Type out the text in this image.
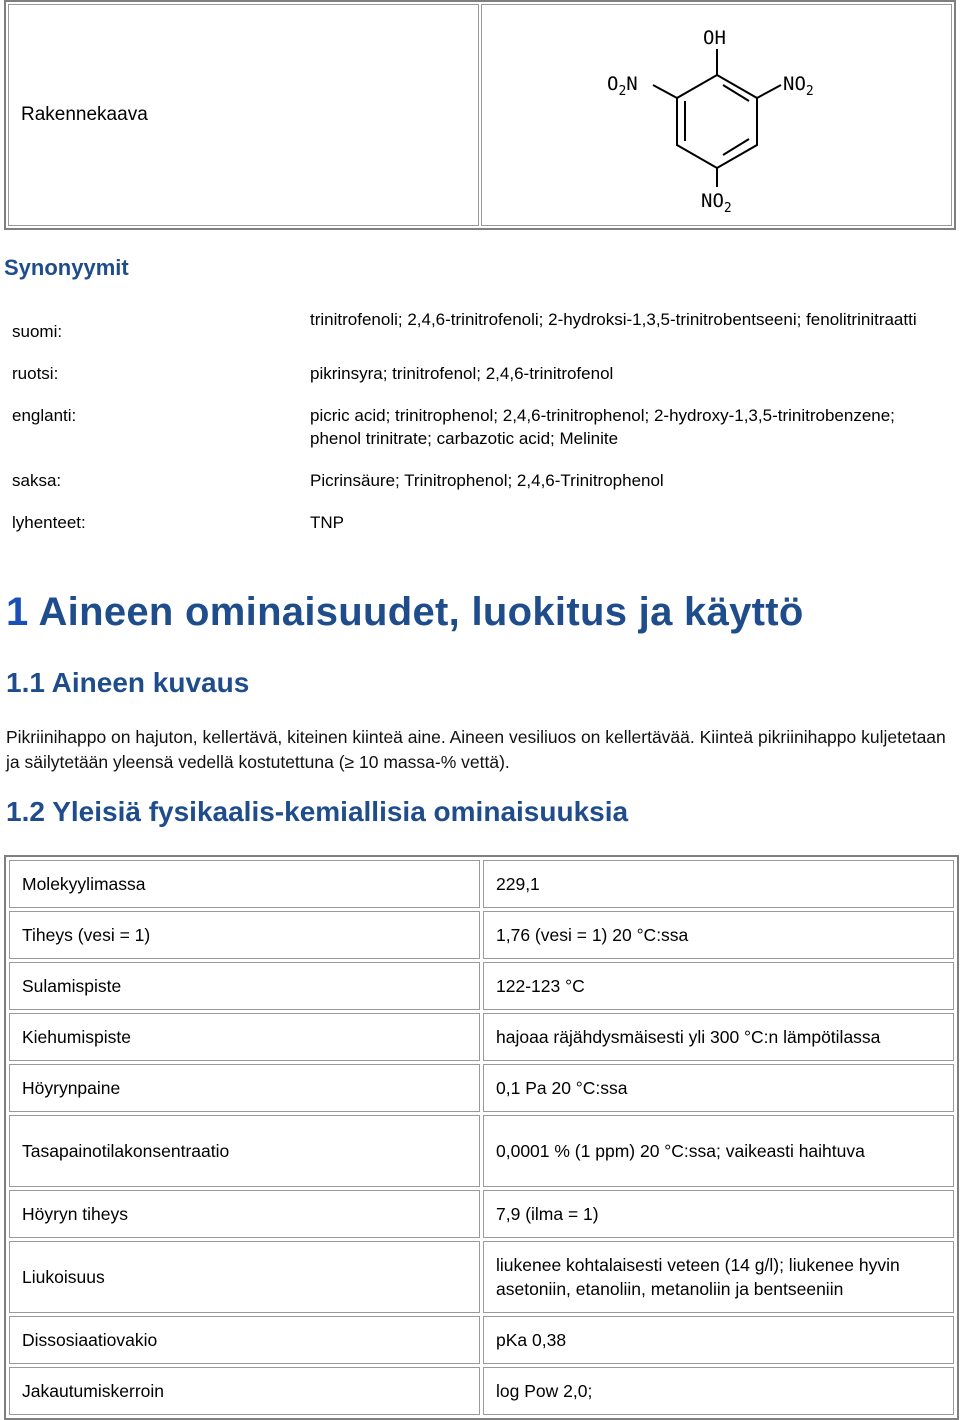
Rakennekaava	
OH
$O_2N$	$NO_2$
$NO_2$
Synonyymit
suomi:	trinitrofenoli; 2,4,6-trinitrofenoli; 2-hydroksi-1,3,5-trinitrobentseeni; fenolitrinitraatti
ruotsi:	pikrinsyra; trinitrofenol; 2,4,6-trinitrofenol
englanti:	picric acid; trinitrophenol; 2,4,6-trinitrophenol; 2-hydroxy-1,3,5-trinitrobenzene; phenol trinitrate; carbazotic acid; Melinite
saksa:	Picrinsäure; Trinitrophenol; 2,4,6-Trinitrophenol
lyhenteet:	TNP
1 Aineen ominaisuudet, luokitus ja käyttö
1.1 Aineen kuvaus

Pikriinihappo on hajuton, kellertävä, kiteinen kiinteä aine. Aineen vesiliuos on kellertävää. Kiinteä pikriinihappo kuljetetaan ja säilytetään yleensä vedellä kostutettuna (≥ 10 massa-% vettä).

1.2 Yleisiä fysikaalis-kemiallisia ominaisuuksia
Molekyylimassa	229,1
Tiheys (vesi = 1)	1,76 (vesi = 1) 20 °C:ssa
Sulamispiste	122-123 °C
Kiehumispiste	hajoaa räjähdysmäisesti yli 300 °C:n lämpötilassa
Höyrynpaine	0,1 Pa 20 °C:ssa
Tasapainotilakonsentraatio	0,0001 % (1 ppm) 20 °C:ssa; vaikeasti haihtuva
Höyryn tiheys	7,9 (ilma = 1)
Liukoisuus	liukenee kohtalaisesti veteen (14 g/l); liukenee hyvin asetoniin, etanoliin, metanoliin ja bentseeniin
Dissosiaatiovakio	pKa 0,38
Jakautumiskerroin	log Pow 2,0;
